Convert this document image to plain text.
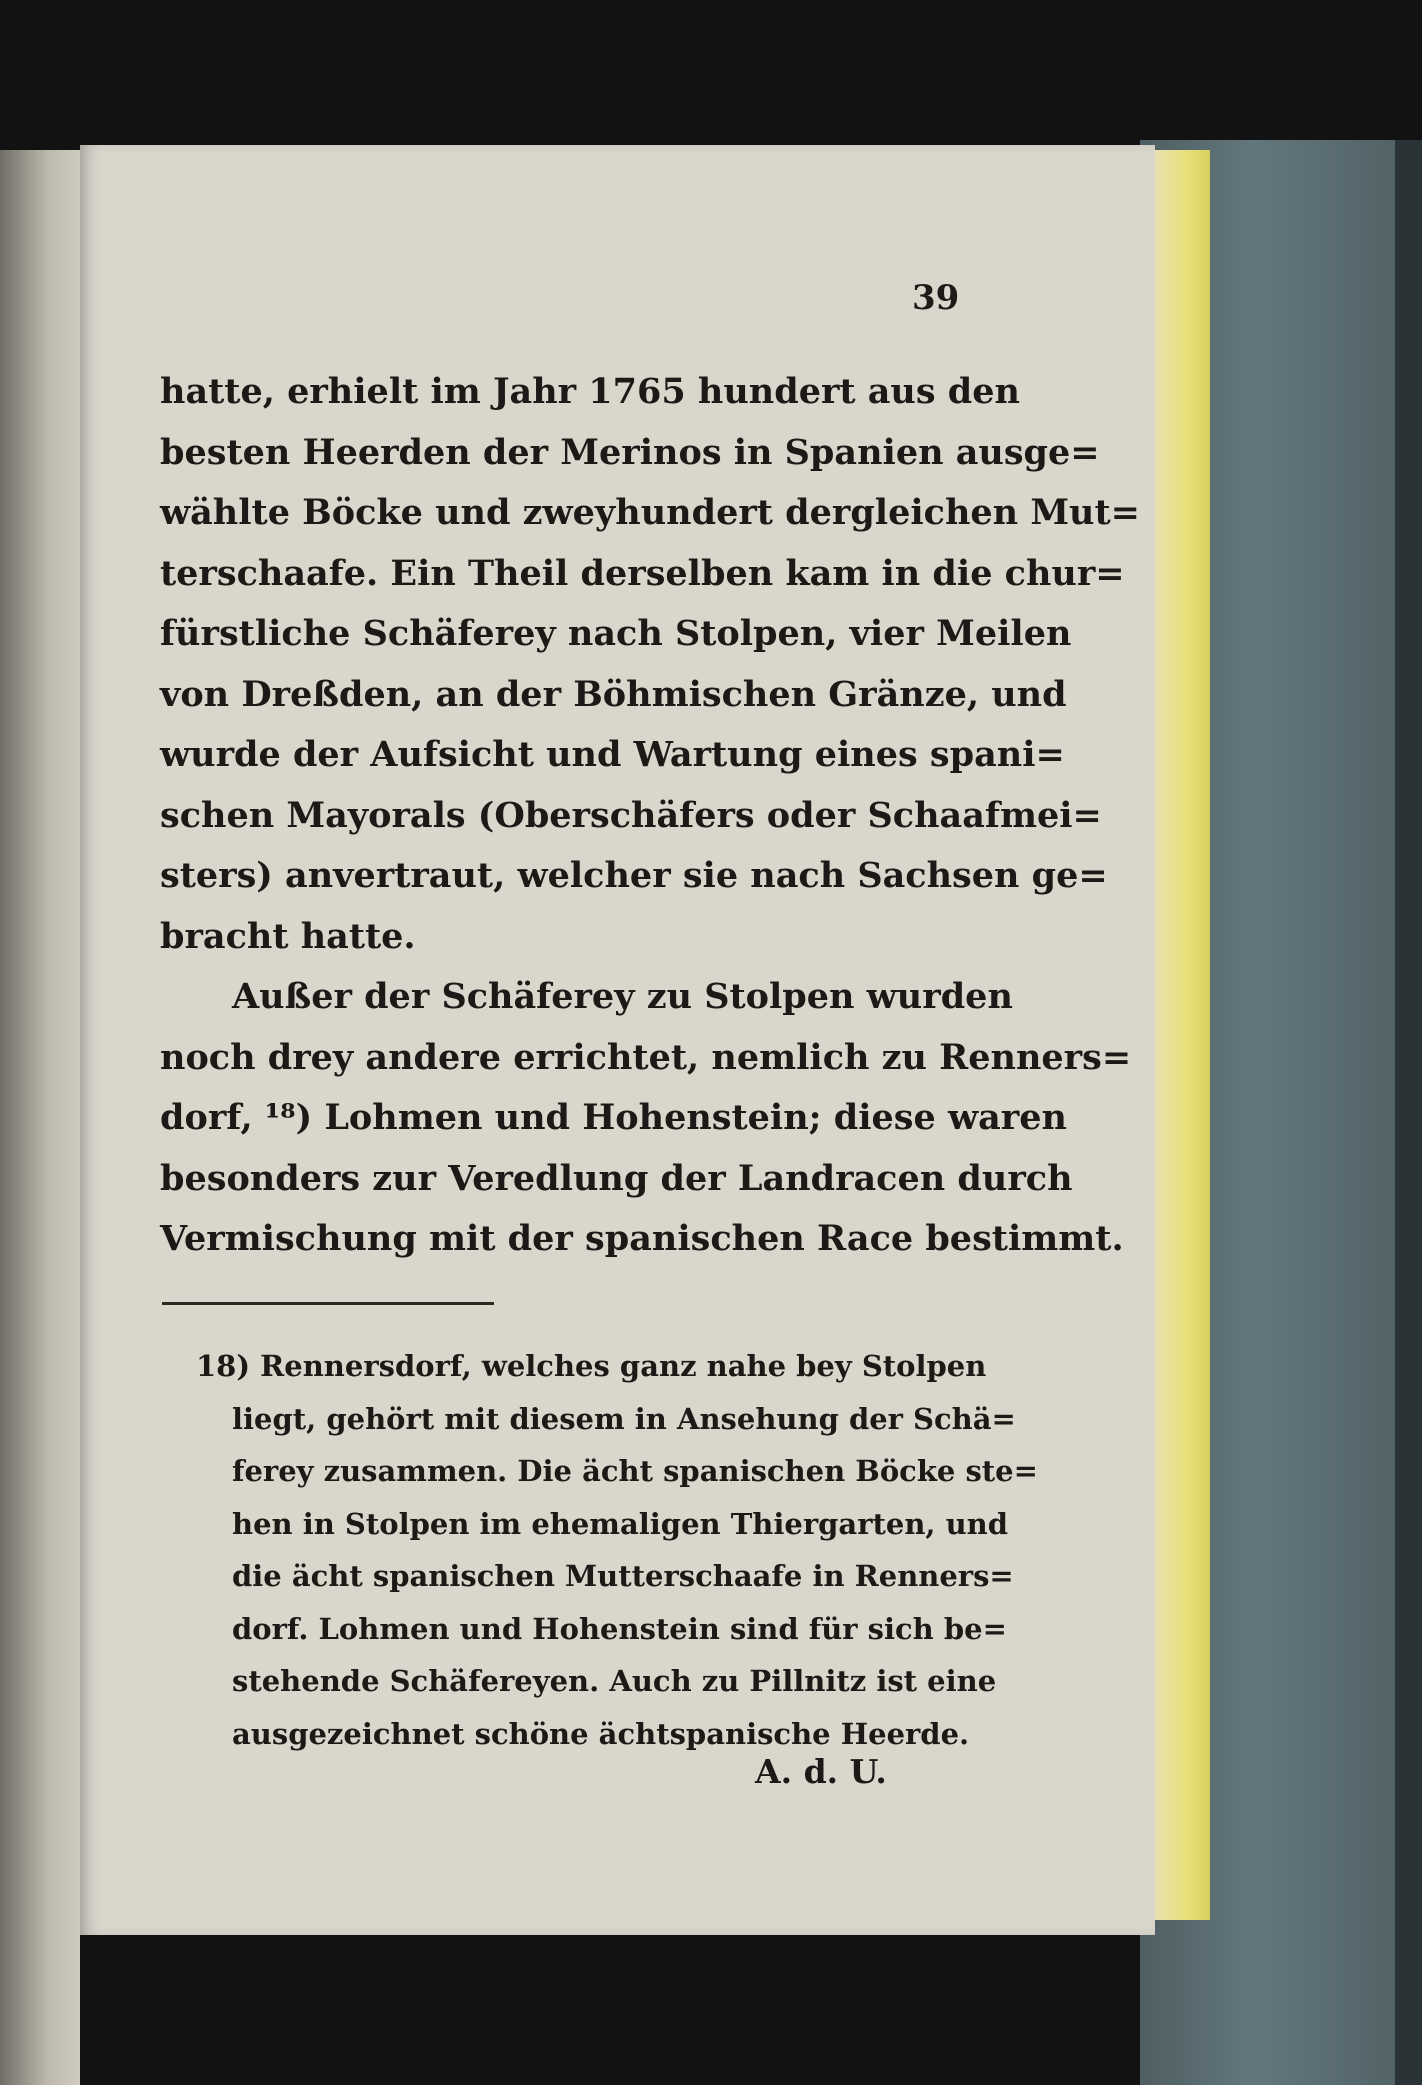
39
hatte, erhielt im Jahr 1765 hundert aus den
besten Heerden der Merinos in Spanien ausge=
wählte Böcke und zweyhundert dergleichen Mut=
terschaafe. Ein Theil derselben kam in die chur=
fürstliche Schäferey nach Stolpen, vier Meilen
von Dreßden, an der Böhmischen Gränze, und
wurde der Aufsicht und Wartung eines spani=
schen Mayorals (Oberschäfers oder Schaafmei=
sters) anvertraut, welcher sie nach Sachsen ge=
bracht hatte.
Außer der Schäferey zu Stolpen wurden
noch drey andere errichtet, nemlich zu Renners=
dorf, ¹⁸) Lohmen und Hohenstein; diese waren
besonders zur Veredlung der Landracen durch
Vermischung mit der spanischen Race bestimmt.
18) Rennersdorf, welches ganz nahe bey Stolpen
liegt, gehört mit diesem in Ansehung der Schä=
ferey zusammen. Die ächt spanischen Böcke ste=
hen in Stolpen im ehemaligen Thiergarten, und
die ächt spanischen Mutterschaafe in Renners=
dorf. Lohmen und Hohenstein sind für sich be=
stehende Schäfereyen. Auch zu Pillnitz ist eine
ausgezeichnet schöne ächtspanische Heerde.
A. d. U.
